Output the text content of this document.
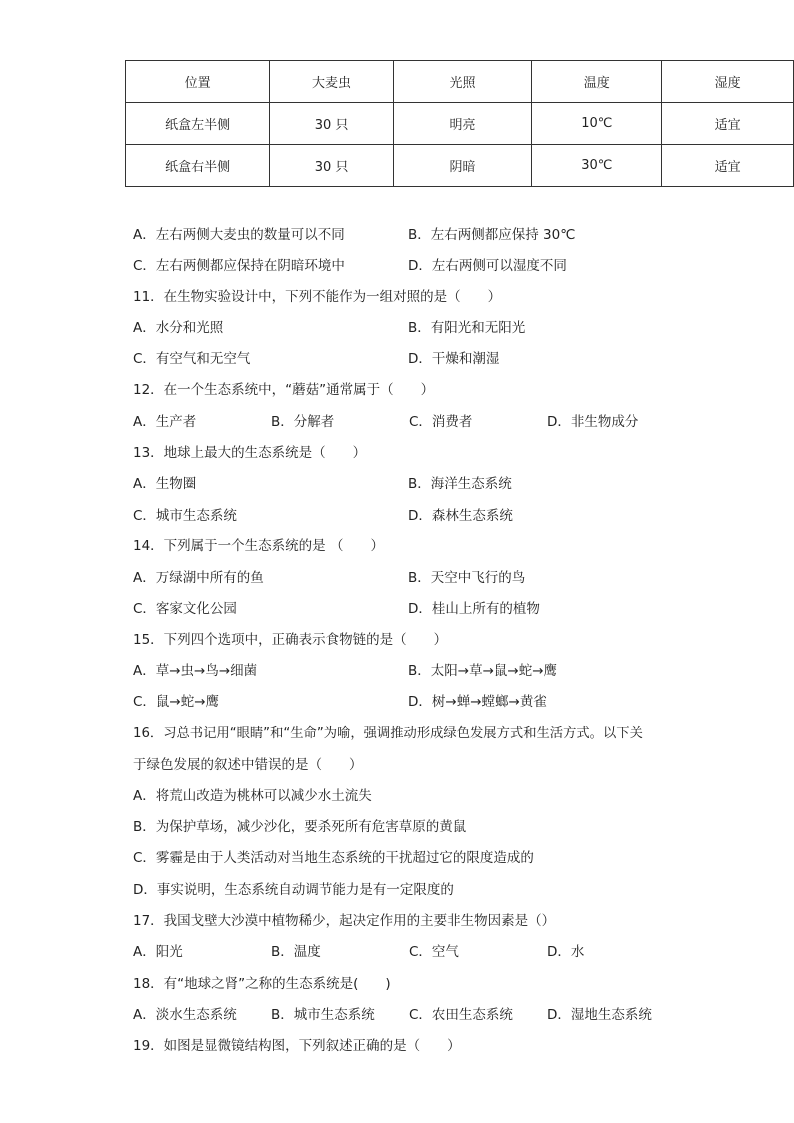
位置	大麦虫	光照	温度	湿度
纸盒左半侧	30 只	明亮	10℃	适宜
纸盒右半侧	30 只	阴暗	30℃	适宜
A．左右两侧大麦虫的数量可以不同	B．左右两侧都应保持 30℃
C．左右两侧都应保持在阴暗环境中	D．左右两侧可以湿度不同
11．在生物实验设计中，下列不能作为一组对照的是（　　）
A．水分和光照	B．有阳光和无阳光
C．有空气和无空气	D．干燥和潮湿
12．在一个生态系统中，“蘑菇”通常属于（　　）
A．生产者	B．分解者	C．消费者	D．非生物成分
13．地球上最大的生态系统是（　　）
A．生物圈	B．海洋生态系统
C．城市生态系统	D．森林生态系统
14．下列属于一个生态系统的是 （　　）
A．万绿湖中所有的鱼	B．天空中飞行的鸟
C．客家文化公园	D．桂山上所有的植物
15．下列四个选项中，正确表示食物链的是（　　）
A．草→虫→鸟→细菌	B．太阳→草→鼠→蛇→鹰
C．鼠→蛇→鹰	D．树→蝉→螳螂→黄雀
16．习总书记用“眼睛”和“生命”为喻，强调推动形成绿色发展方式和生活方式。以下关
于绿色发展的叙述中错误的是（　　）
A．将荒山改造为桃林可以减少水土流失
B．为保护草场，减少沙化，要杀死所有危害草原的黄鼠
C．雾霾是由于人类活动对当地生态系统的干扰超过它的限度造成的
D．事实说明，生态系统自动调节能力是有一定限度的
17．我国戈壁大沙漠中植物稀少，起决定作用的主要非生物因素是（）
A．阳光	B．温度	C．空气	D．水
18．有“地球之肾”之称的生态系统是(　　)
A．淡水生态系统	B．城市生态系统	C．农田生态系统	D．湿地生态系统
19．如图是显微镜结构图，下列叙述正确的是（　　）
